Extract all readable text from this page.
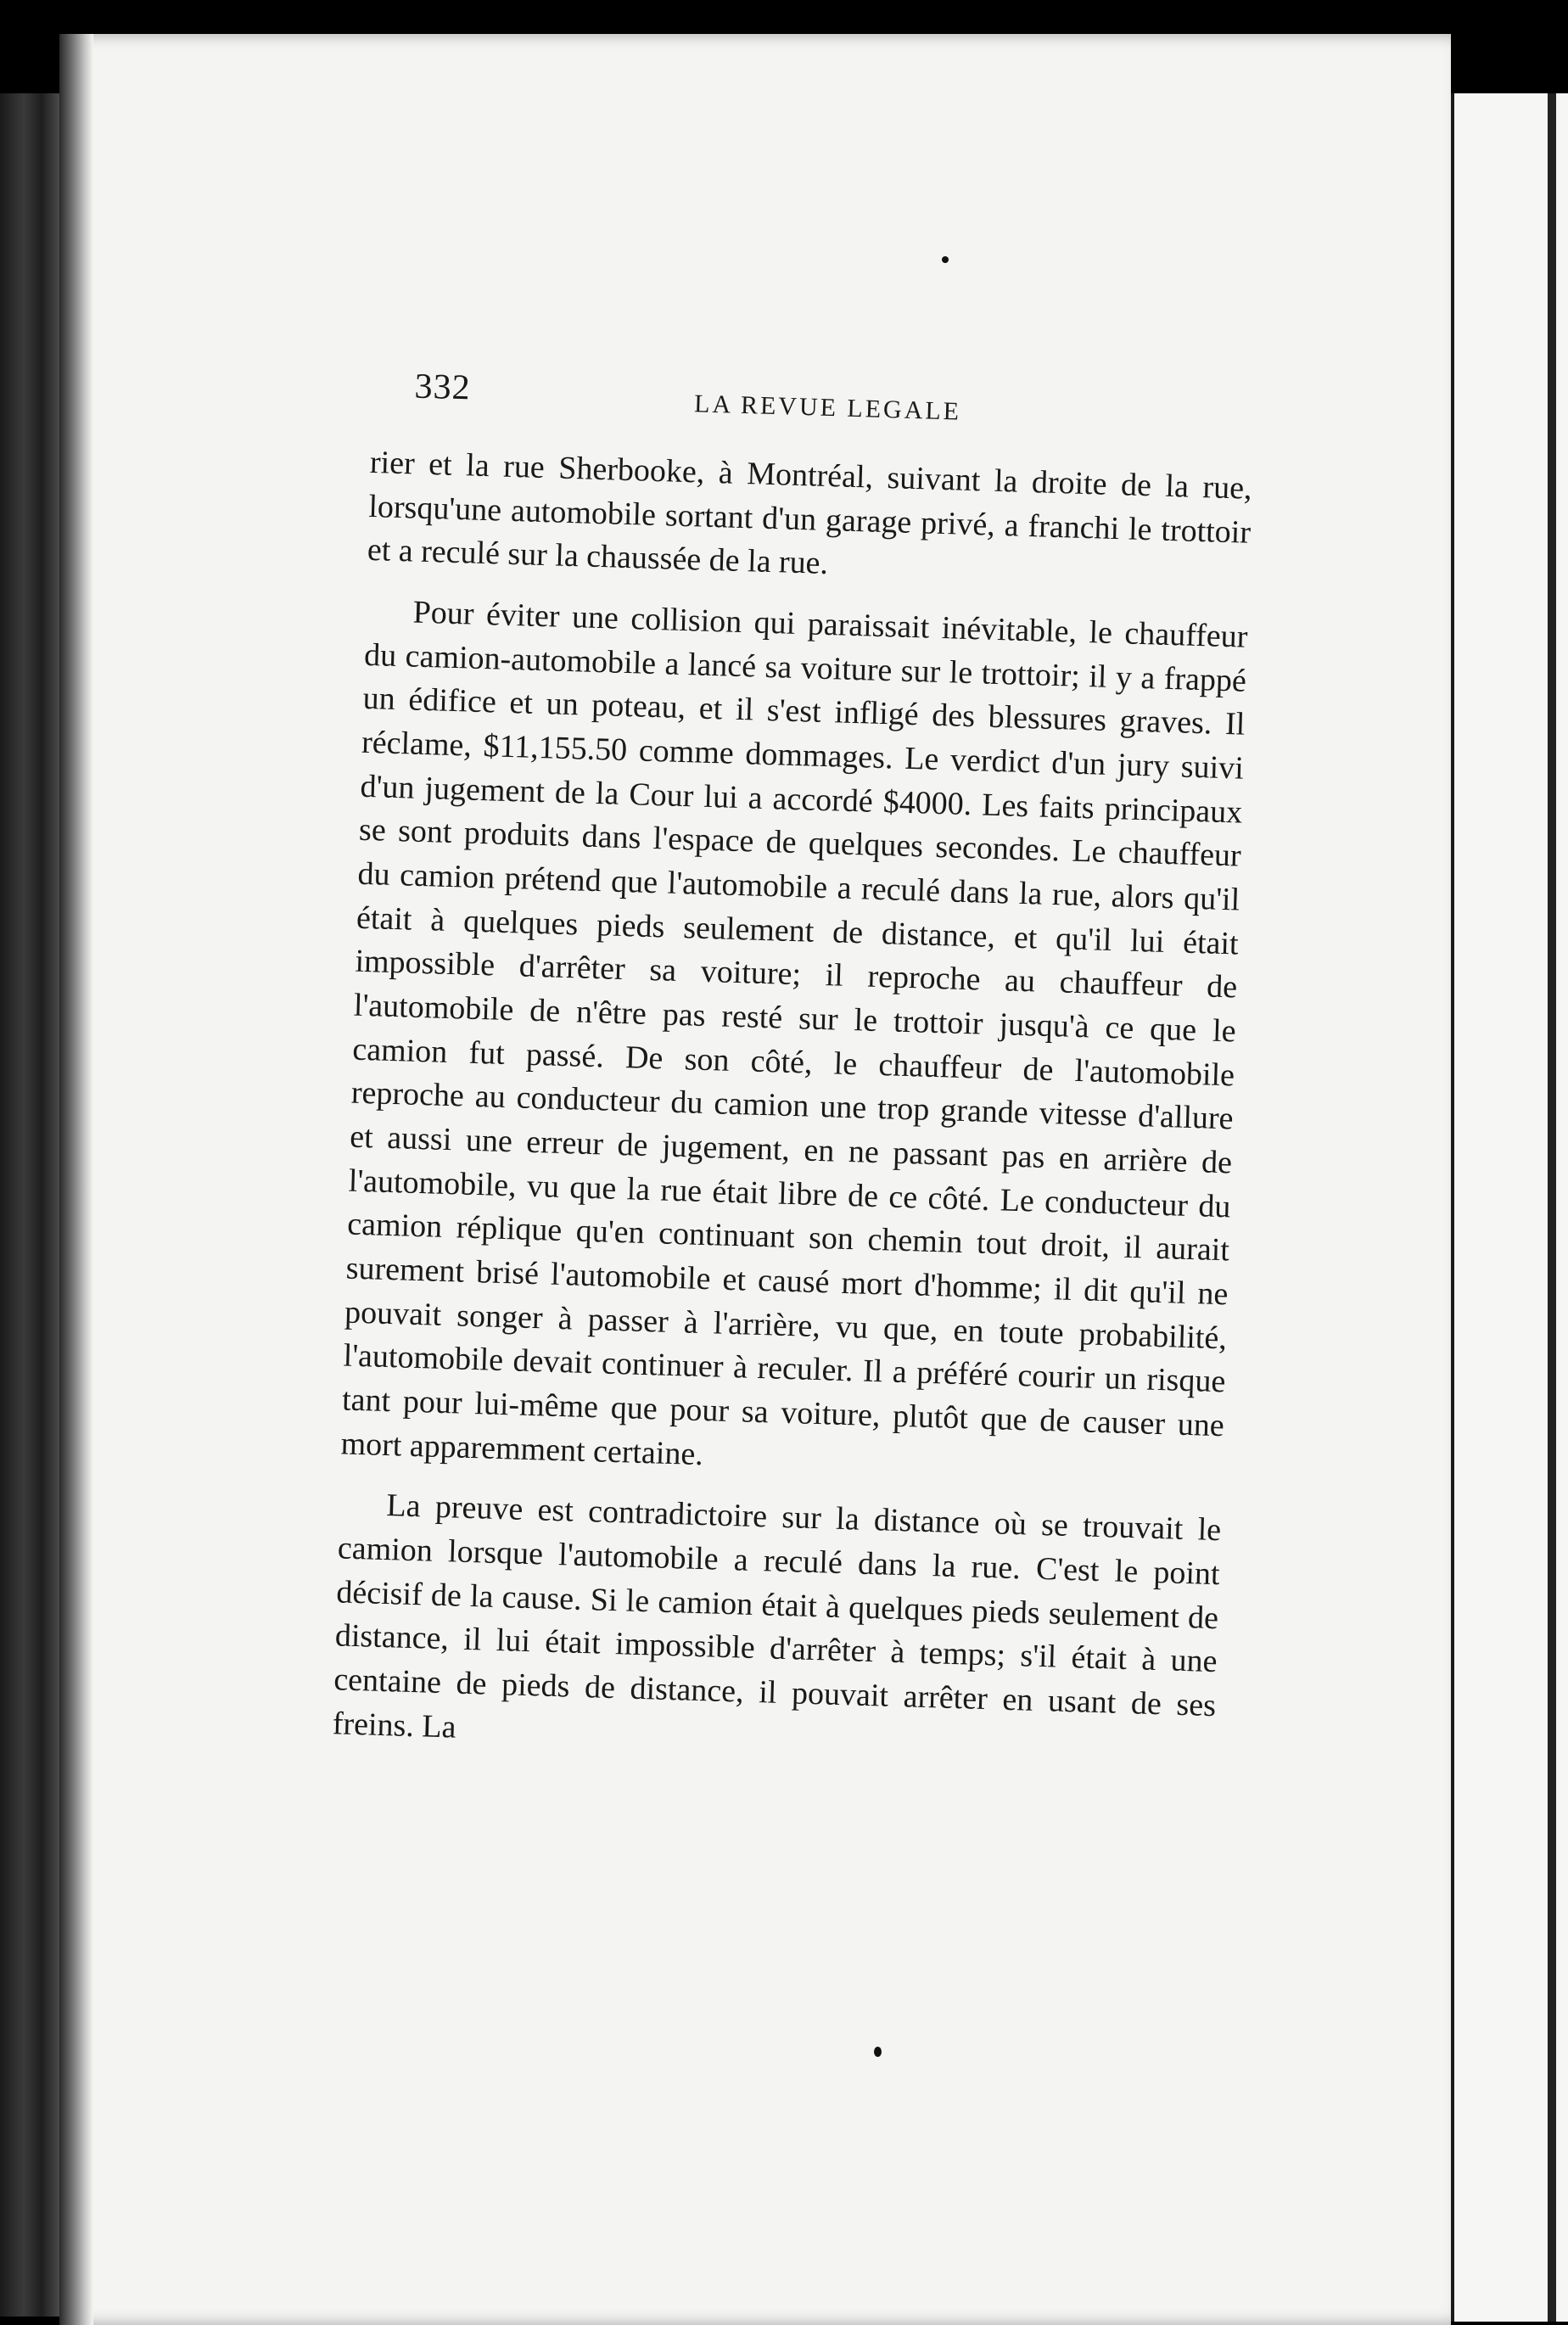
332
LA REVUE LEGALE

rier et la rue Sherbooke, à Montréal, suivant la droite de la rue, lorsqu'une automobile sortant d'un garage privé, a franchi le trottoir et a reculé sur la chaussée de la rue.

Pour éviter une collision qui paraissait inévitable, le chauffeur du camion-automobile a lancé sa voiture sur le trottoir; il y a frappé un édifice et un poteau, et il s'est infligé des blessures graves. Il réclame, $11,155.50 comme dommages. Le verdict d'un jury suivi d'un jugement de la Cour lui a accordé $4000. Les faits principaux se sont produits dans l'espace de quelques secondes. Le chauffeur du camion prétend que l'automobile a reculé dans la rue, alors qu'il était à quelques pieds seulement de distance, et qu'il lui était impossible d'arrêter sa voiture; il reproche au chauffeur de l'automobile de n'être pas resté sur le trottoir jusqu'à ce que le camion fut passé. De son côté, le chauffeur de l'automobile reproche au conducteur du camion une trop grande vitesse d'allure et aussi une erreur de jugement, en ne passant pas en arrière de l'automobile, vu que la rue était libre de ce côté. Le conducteur du camion réplique qu'en continuant son chemin tout droit, il aurait surement brisé l'automobile et causé mort d'homme; il dit qu'il ne pouvait songer à passer à l'arrière, vu que, en toute probabilité, l'automobile devait continuer à reculer. Il a préféré courir un risque tant pour lui-même que pour sa voiture, plutôt que de causer une mort apparemment certaine.

La preuve est contradictoire sur la distance où se trouvait le camion lorsque l'automobile a reculé dans la rue. C'est le point décisif de la cause. Si le camion était à quelques pieds seulement de distance, il lui était impossible d'arrêter à temps; s'il était à une centaine de pieds de distance, il pouvait arrêter en usant de ses freins. La
